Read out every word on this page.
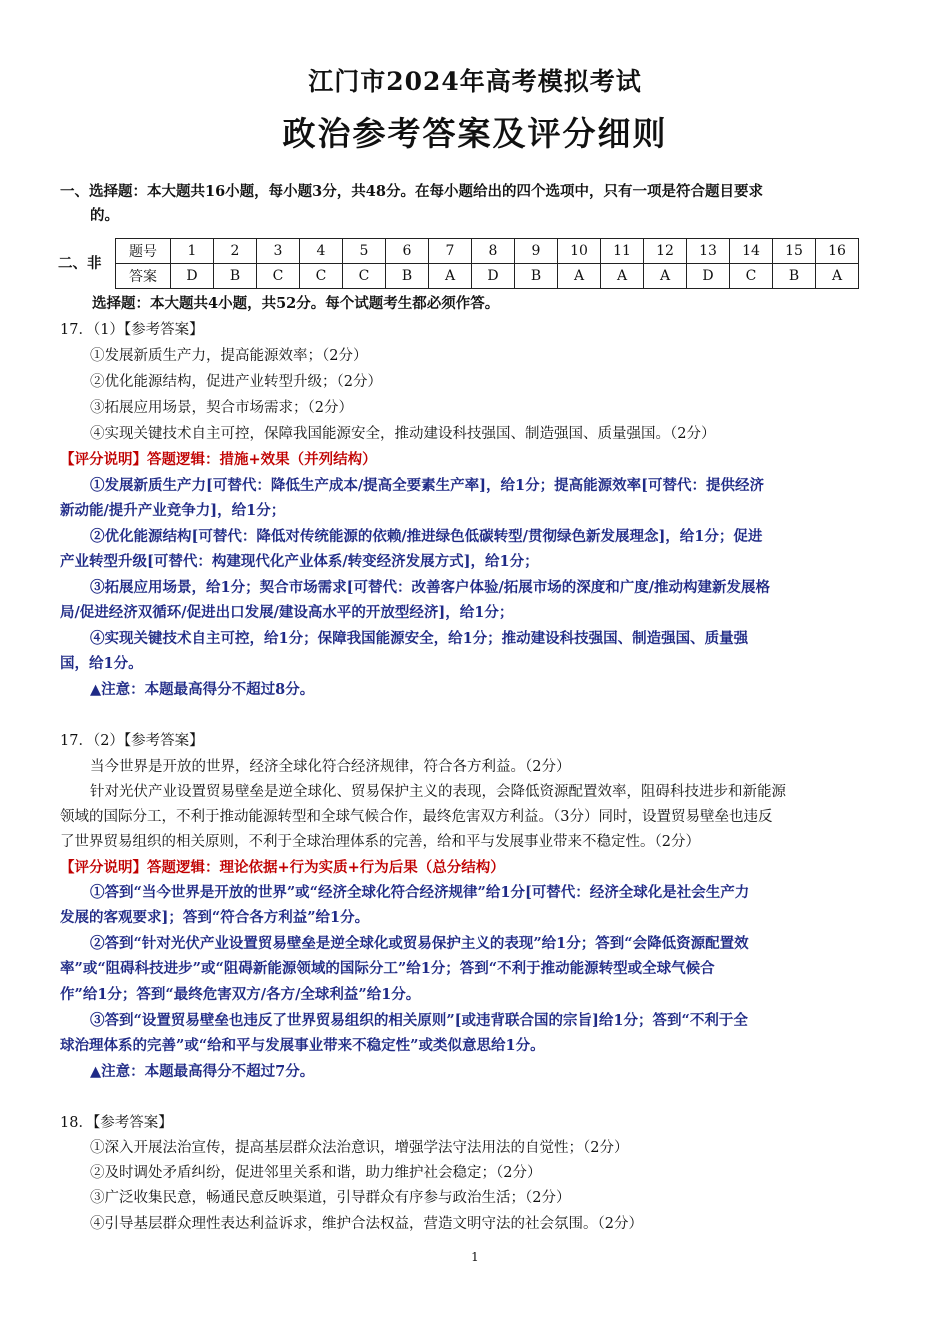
江门市2024年高考模拟考试
政治参考答案及评分细则
一、选择题：本大题共16小题，每小题3分，共48分。在每小题给出的四个选项中，只有一项是符合题目要求
的。
二、非
题号	1	2	3	4	5	6	7	8	9	10	11	12	13	14	15	16
答案	D	B	C	C	C	B	A	D	B	A	A	A	D	C	B	A
选择题：本大题共4小题，共52分。每个试题考生都必须作答。
17．（1）【参考答案】
①发展新质生产力，提高能源效率；（2分）
②优化能源结构，促进产业转型升级；（2分）
③拓展应用场景，契合市场需求；（2分）
④实现关键技术自主可控，保障我国能源安全，推动建设科技强国、制造强国、质量强国。（2分）
【评分说明】答题逻辑：措施+效果（并列结构）
①发展新质生产力[可替代：降低生产成本/提高全要素生产率]，给1分；提高能源效率[可替代：提供经济
新动能/提升产业竞争力]，给1分；
②优化能源结构[可替代：降低对传统能源的依赖/推进绿色低碳转型/贯彻绿色新发展理念]，给1分；促进
产业转型升级[可替代：构建现代化产业体系/转变经济发展方式]，给1分；
③拓展应用场景，给1分；契合市场需求[可替代：改善客户体验/拓展市场的深度和广度/推动构建新发展格
局/促进经济双循环/促进出口发展/建设高水平的开放型经济]，给1分；
④实现关键技术自主可控，给1分；保障我国能源安全，给1分；推动建设科技强国、制造强国、质量强
国，给1分。
▲注意：本题最高得分不超过8分。
17．（2）【参考答案】
当今世界是开放的世界，经济全球化符合经济规律，符合各方利益。（2分）
针对光伏产业设置贸易壁垒是逆全球化、贸易保护主义的表现，会降低资源配置效率，阻碍科技进步和新能源
领域的国际分工，不利于推动能源转型和全球气候合作，最终危害双方利益。（3分）同时，设置贸易壁垒也违反
了世界贸易组织的相关原则，不利于全球治理体系的完善，给和平与发展事业带来不稳定性。（2分）
【评分说明】答题逻辑：理论依据+行为实质+行为后果（总分结构）
①答到“当今世界是开放的世界”或“经济全球化符合经济规律”给1分[可替代：经济全球化是社会生产力
发展的客观要求]；答到“符合各方利益”给1分。
②答到“针对光伏产业设置贸易壁垒是逆全球化或贸易保护主义的表现”给1分；答到“会降低资源配置效
率”或“阻碍科技进步”或“阻碍新能源领域的国际分工”给1分；答到“不利于推动能源转型或全球气候合
作”给1分；答到“最终危害双方/各方/全球利益”给1分。
③答到“设置贸易壁垒也违反了世界贸易组织的相关原则”[或违背联合国的宗旨]给1分；答到“不利于全
球治理体系的完善”或“给和平与发展事业带来不稳定性”或类似意思给1分。
▲注意：本题最高得分不超过7分。
18．【参考答案】
①深入开展法治宣传，提高基层群众法治意识，增强学法守法用法的自觉性；（2分）
②及时调处矛盾纠纷，促进邻里关系和谐，助力维护社会稳定；（2分）
③广泛收集民意，畅通民意反映渠道，引导群众有序参与政治生活；（2分）
④引导基层群众理性表达利益诉求，维护合法权益，营造文明守法的社会氛围。（2分）
1
